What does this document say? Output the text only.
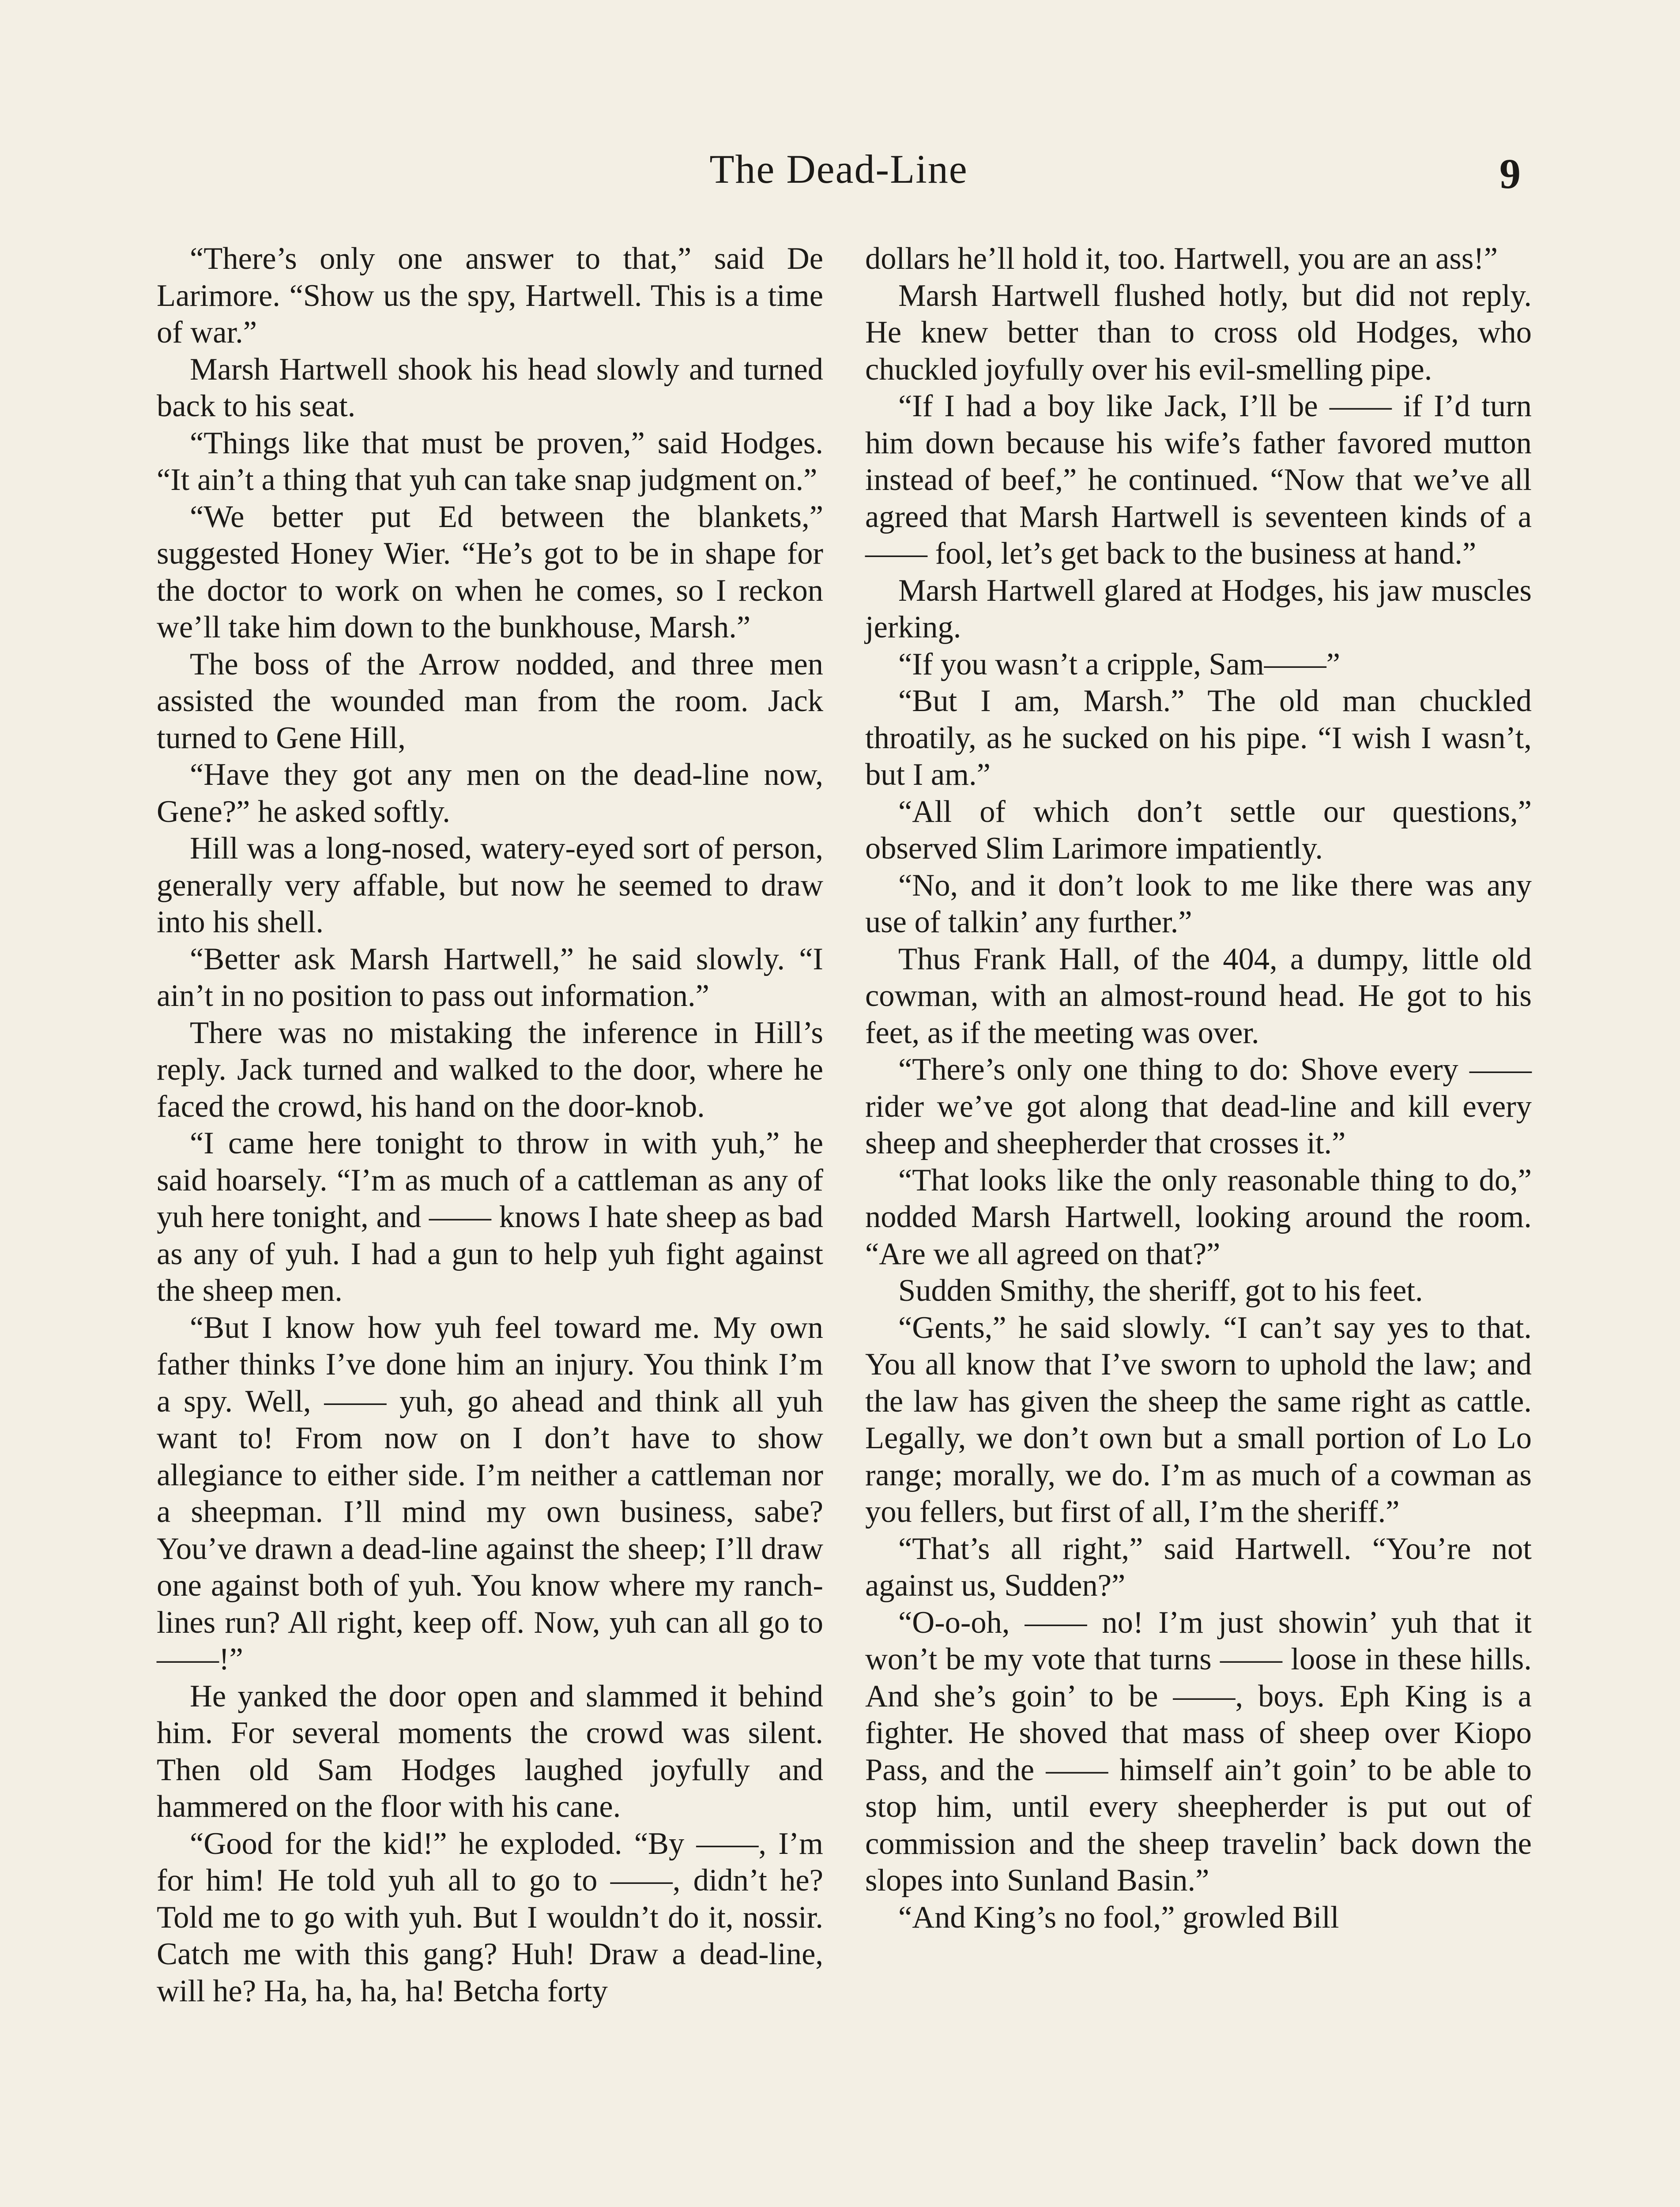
The Dead-Line	9

“There’s only one answer to that,” said De Larimore. “Show us the spy, Hartwell. This is a time of war.”

Marsh Hartwell shook his head slowly and turned back to his seat.

“Things like that must be proven,” said Hodges. “It ain’t a thing that yuh can take snap judgment on.”

“We better put Ed between the blankets,” suggested Honey Wier. “He’s got to be in shape for the doctor to work on when he comes, so I reckon we’ll take him down to the bunkhouse, Marsh.”

The boss of the Arrow nodded, and three men assisted the wounded man from the room. Jack turned to Gene Hill,

“Have they got any men on the dead-line now, Gene?” he asked softly.

Hill was a long-nosed, watery-eyed sort of person, generally very affable, but now he seemed to draw into his shell.

“Better ask Marsh Hartwell,” he said slowly. “I ain’t in no position to pass out information.”

There was no mistaking the inference in Hill’s reply. Jack turned and walked to the door, where he faced the crowd, his hand on the door-knob.

“I came here tonight to throw in with yuh,” he said hoarsely. “I’m as much of a cattleman as any of yuh here tonight, and —— knows I hate sheep as bad as any of yuh. I had a gun to help yuh fight against the sheep men.

“But I know how yuh feel toward me. My own father thinks I’ve done him an injury. You think I’m a spy. Well, —— yuh, go ahead and think all yuh want to! From now on I don’t have to show allegiance to either side. I’m neither a cattleman nor a sheepman. I’ll mind my own business, sabe? You’ve drawn a dead-line against the sheep; I’ll draw one against both of yuh. You know where my ranch-lines run? All right, keep off. Now, yuh can all go to ——!”

He yanked the door open and slammed it behind him. For several moments the crowd was silent. Then old Sam Hodges laughed joyfully and hammered on the floor with his cane.

“Good for the kid!” he exploded. “By ——, I’m for him! He told yuh all to go to ——, didn’t he? Told me to go with yuh. But I wouldn’t do it, nossir. Catch me with this gang? Huh! Draw a dead-line, will he? Ha, ha, ha, ha! Betcha forty

dollars he’ll hold it, too. Hartwell, you are an ass!”

Marsh Hartwell flushed hotly, but did not reply. He knew better than to cross old Hodges, who chuckled joyfully over his evil-smelling pipe.

“If I had a boy like Jack, I’ll be —— if I’d turn him down because his wife’s father favored mutton instead of beef,” he continued. “Now that we’ve all agreed that Marsh Hartwell is seventeen kinds of a —— fool, let’s get back to the business at hand.”

Marsh Hartwell glared at Hodges, his jaw muscles jerking.

“If you wasn’t a cripple, Sam——”

“But I am, Marsh.” The old man chuckled throatily, as he sucked on his pipe. “I wish I wasn’t, but I am.”

“All of which don’t settle our questions,” observed Slim Larimore impatiently.

“No, and it don’t look to me like there was any use of talkin’ any further.”

Thus Frank Hall, of the 404, a dumpy, little old cowman, with an almost-round head. He got to his feet, as if the meeting was over.

“There’s only one thing to do: Shove every —— rider we’ve got along that dead-line and kill every sheep and sheepherder that crosses it.”

“That looks like the only reasonable thing to do,” nodded Marsh Hartwell, looking around the room. “Are we all agreed on that?”

Sudden Smithy, the sheriff, got to his feet.

“Gents,” he said slowly. “I can’t say yes to that. You all know that I’ve sworn to uphold the law; and the law has given the sheep the same right as cattle. Legally, we don’t own but a small portion of Lo Lo range; morally, we do. I’m as much of a cowman as you fellers, but first of all, I’m the sheriff.”

“That’s all right,” said Hartwell. “You’re not against us, Sudden?”

“O-o-oh, —— no! I’m just showin’ yuh that it won’t be my vote that turns —— loose in these hills. And she’s goin’ to be ——, boys. Eph King is a fighter. He shoved that mass of sheep over Kiopo Pass, and the —— himself ain’t goin’ to be able to stop him, until every sheepherder is put out of commission and the sheep travelin’ back down the slopes into Sunland Basin.”

“And King’s no fool,” growled Bill
